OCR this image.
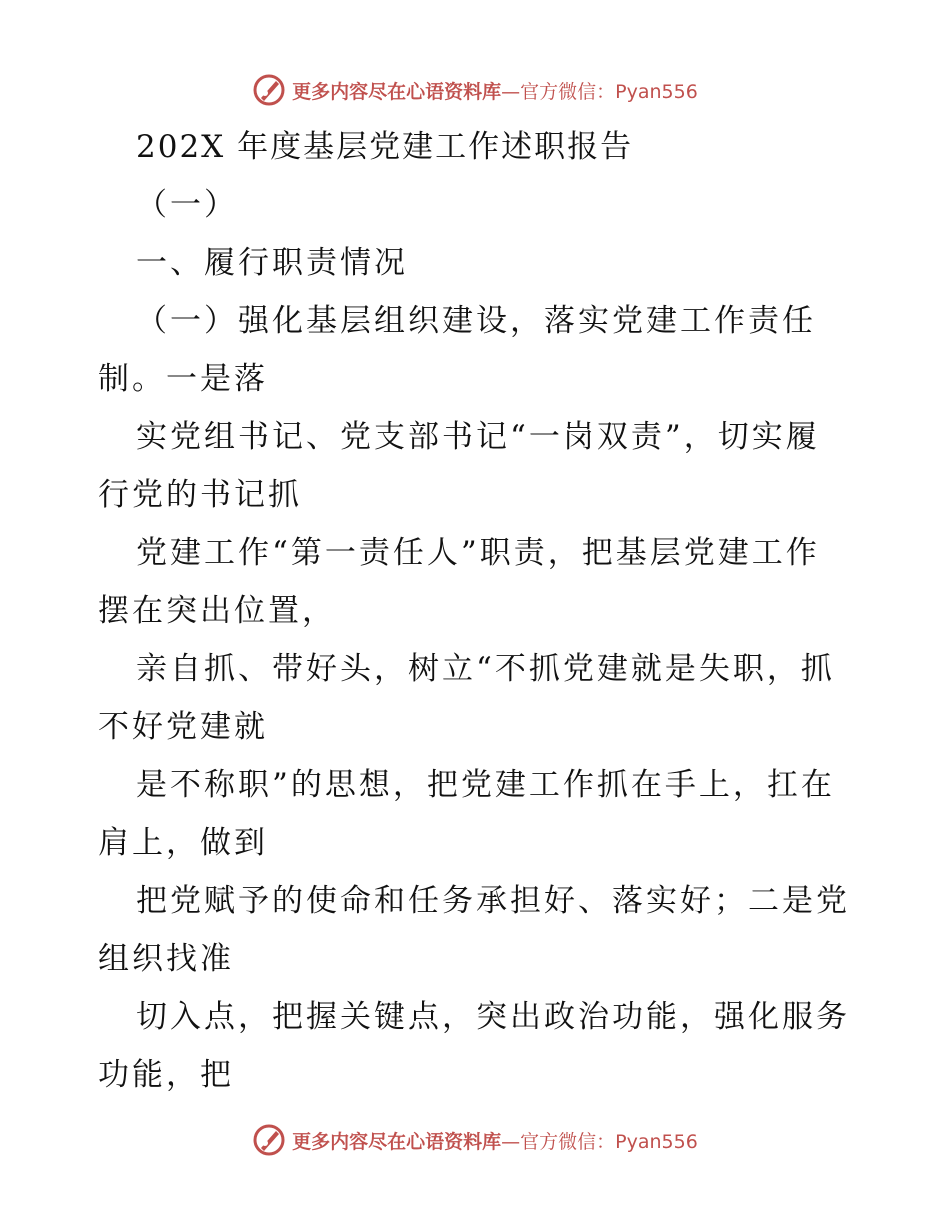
更多内容尽在心语资料库—官方微信：Pyan556
202X 年度基层党建工作述职报告
（一）
一、履行职责情况
（一）强化基层组织建设，落实党建工作责任
制。一是落
实党组书记、党支部书记“一岗双责”，切实履
行党的书记抓
党建工作“第一责任人”职责，把基层党建工作
摆在突出位置，
亲自抓、带好头，树立“不抓党建就是失职，抓
不好党建就
是不称职”的思想，把党建工作抓在手上，扛在
肩上，做到
把党赋予的使命和任务承担好、落实好；二是党
组织找准
切入点，把握关键点，突出政治功能，强化服务
功能，把
更多内容尽在心语资料库—官方微信：Pyan556
